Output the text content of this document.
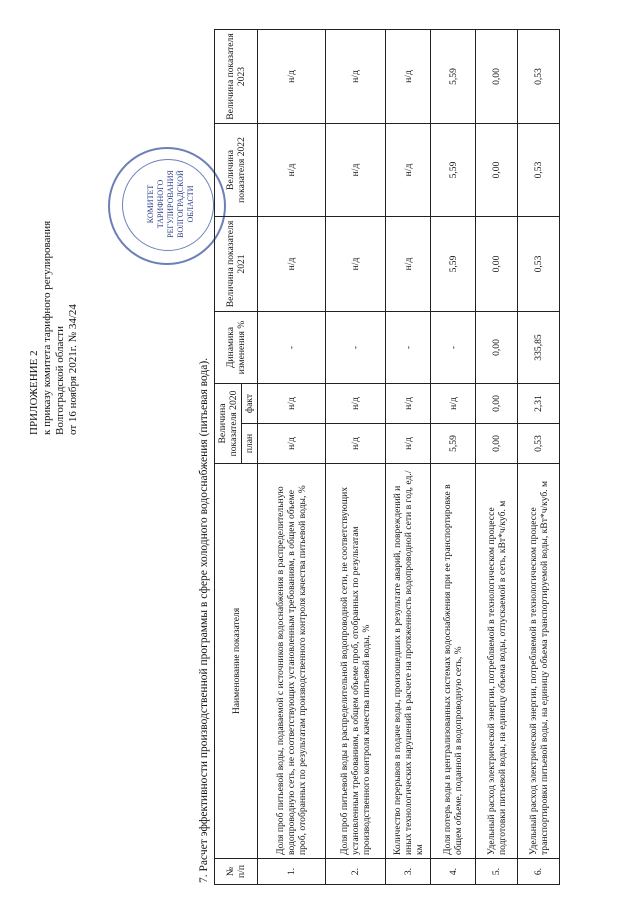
ПРИЛОЖЕНИЕ 2 к приказу комитета тарифного регулирования Волгоградской области от 16 ноября 2021г. № 34/24
КОМИТЕТ ТАРИФНОГО РЕГУЛИРОВАНИЯ ВОЛГОГРАДСКОЙ ОБЛАСТИ
7. Расчет эффективности производственной программы в сфере холодного водоснабжения (питьевая вода). № п/п	Наименование показателя	Величина показателя 2020		Динамика изменения %	Величина показателя 2021	Величина показателя 2022	Величина показателя 2023
		план	факт				
1.	Доля проб питьевой воды, подаваемой с источников водоснабжения в распределительную водопроводную сеть, не соответствующих установленным требованиям, в общем объеме проб, отобранных по результатам производственного контроля качества питьевой воды, %	н/д	н/д	-	н/д	н/д	н/д
2.	Доля проб питьевой воды в распределительной водопроводной сети, не соответствующих установленным требованиям, в общем объеме проб, отобранных по результатам производственного контроля качества питьевой воды, %	н/д	н/д	-	н/д	н/д	н/д
3.	Количество перерывов в подаче воды, произошедших в результате аварий, повреждений и иных технологических нарушений в расчете на протяженность водопроводной сети в год, ед./км	н/д	н/д	-	н/д	н/д	н/д
4.	Доля потерь воды в централизованных системах водоснабжения при ее транспортировке в общем объеме, поданной в водопроводную сеть, %	5,59	н/д	-	5,59	5,59	5,59
5.	Удельный расход электрической энергии, потребляемой в технологическом процессе подготовки питьевой воды, на единицу объема воды, отпускаемой в сеть, кВт*ч/куб. м	0,00	0,00	0,00	0,00	0,00	0,00
6.	Удельный расход электрической энергии, потребляемой в технологическом процессе транспортировки питьевой воды, на единицу объема транспортируемой воды, кВт*ч/куб. м	0,53	2,31	335,85	0,53	0,53	0,53
